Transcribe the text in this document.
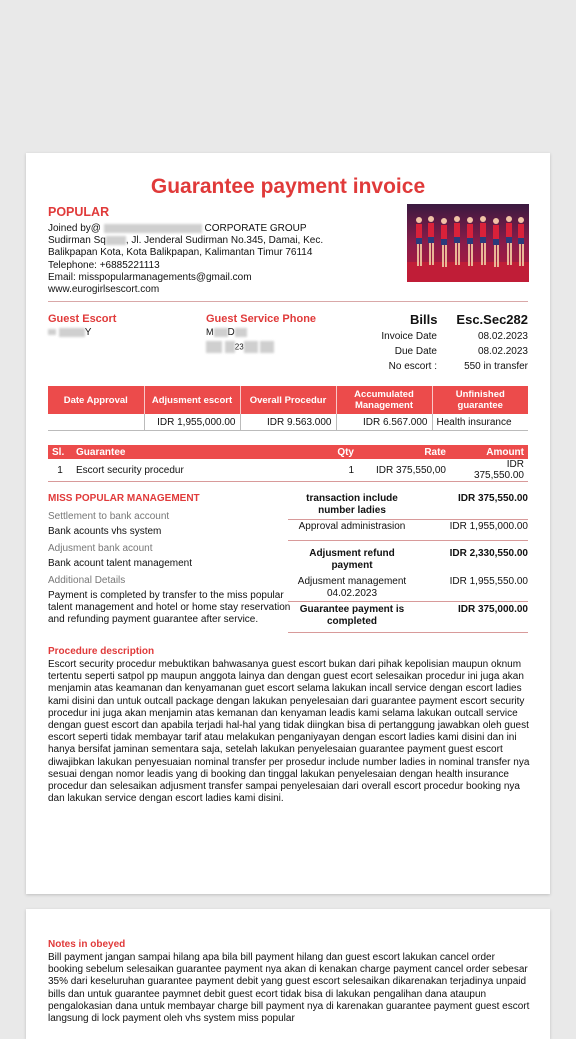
Guarantee payment invoice
POPULAR
Joined by@	CORPORATE GROUP
Sudirman Sq , Jl. Jenderal Sudirman No.345, Damai, Kec.
Balikpapan Kota, Kota Balikpapan, Kalimantan Timur 76114
Telephone: +6885221113
Email: misspopularmanagements@gmail.com
www.eurogirlsescort.com
Guest Escort
Y
Guest Service Phone
M D
23
Bills Esc.Sec282
Invoice Date	08.02.2023
Due Date	08.02.2023
No escort :	550 in transfer
Date Approval	Adjusment escort	Overall Procedur	Accumulated Management	Unfinished guarantee
	IDR 1,955,000.00	IDR 9.563.000	IDR 6.567.000	Health insurance
Sl.	Guarantee	Qty	Rate	Amount
1	Escort security procedur	1	IDR 375,550,00	IDR 375,550.00
MISS POPULAR MANAGEMENT
Settlement to bank account
Bank acounts vhs system
Adjusment bank acount
Bank acount talent management
Additional Details
Payment is completed by transfer to the miss popular talent management and hotel or home stay reservation and refunding payment guarantee after service.
transaction include number ladies
IDR 375,550.00
Approval administrasion	IDR 1,955,000.00
Adjusment refund payment
IDR 2,330,550.00
Adjusment management 04.02.2023
IDR 1,955,550.00
Guarantee payment is completed
IDR 375,000.00
Procedure description
Escort security procedur mebuktikan bahwasanya guest escort bukan dari pihak kepolisian maupun oknum tertentu seperti satpol pp maupun anggota lainya dan dengan guest ecort selesaikan procedur ini juga akan menjamin atas keamanan dan kenyamanan guet escort selama lakukan incall service dengan escort ladies kami disini dan untuk outcall package dengan lakukan penyelesaian dari guarantee payment escort security procedur ini juga akan menjamin atas kemanan dan kenyaman leadis kami selama lakukan outcall service dengan guest escort dan apabila terjadi hal-hal yang tidak diingkan bisa di pertanggung jawabkan oleh guest escort seperti tidak membayar tarif atau melakukan penganiyayan dengan escort ladies kami disini dan ini hanya bersifat jaminan sementara saja, setelah lakukan penyelesaian guarantee payment guest escort diwajibkan lakukan penyesuaian nominal transfer per prosedur include number ladies in nominal transfer nya sesuai dengan nomor leadis yang di booking dan tinggal lakukan penyelesaian dengan health insurance procedur dan selesaikan adjusment transfer sampai penyelesaian dari overall escort procedur booking nya dan lakukan service dengan escort ladies kami disini.
Notes in obeyed
Bill payment jangan sampai hilang apa bila bill payment hilang dan guest escort lakukan cancel order booking sebelum selesaikan guarantee payment nya akan di kenakan charge payment cancel order sebesar 35% dari keseluruhan guarantee payment debit yang guest escort selesaikan dikarenakan terjadinya unpaid bills dan untuk guarantee paymnet debit guest ecort tidak bisa di lakukan pengalihan dana ataupun pengalokasian dana untuk membayar charge bill payment nya di karenakan guarantee payment guest escort langsung di lock payment oleh vhs system miss popular
